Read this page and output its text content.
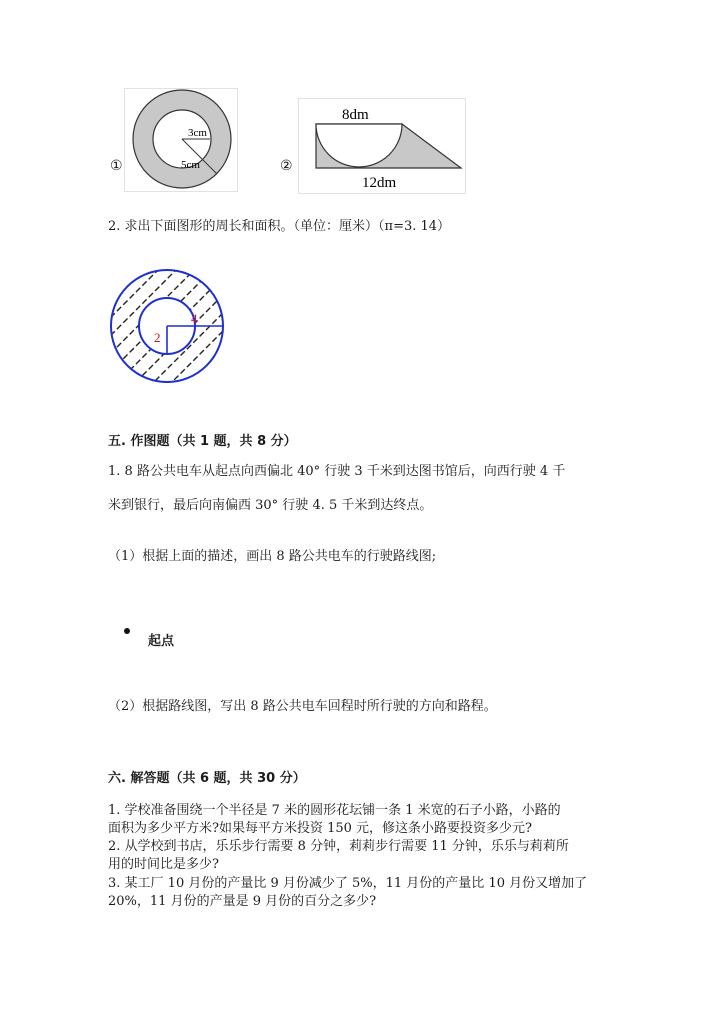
①
3cm
5cm	②
8dm
12dm
2. 求出下面图形的周长和面积。（单位：厘米）（π=3. 14）
2
4
五. 作图题（共 1 题，共 8 分）
1. 8 路公共电车从起点向西偏北 40° 行驶 3 千米到达图书馆后，向西行驶 4 千
米到银行，最后向南偏西 30° 行驶 4. 5 千米到达终点。
（1）根据上面的描述，画出 8 路公共电车的行驶路线图;
起点
（2）根据路线图，写出 8 路公共电车回程时所行驶的方向和路程。
六. 解答题（共 6 题，共 30 分）
1. 学校准备围绕一个半径是 7 米的圆形花坛铺一条 1 米宽的石子小路，小路的
面积为多少平方米?如果每平方米投资 150 元，修这条小路要投资多少元?
2. 从学校到书店，乐乐步行需要 8 分钟，莉莉步行需要 11 分钟，乐乐与莉莉所
用的时间比是多少?
3. 某工厂 10 月份的产量比 9 月份减少了 5%，11 月份的产量比 10 月份又增加了
20%，11 月份的产量是 9 月份的百分之多少?
